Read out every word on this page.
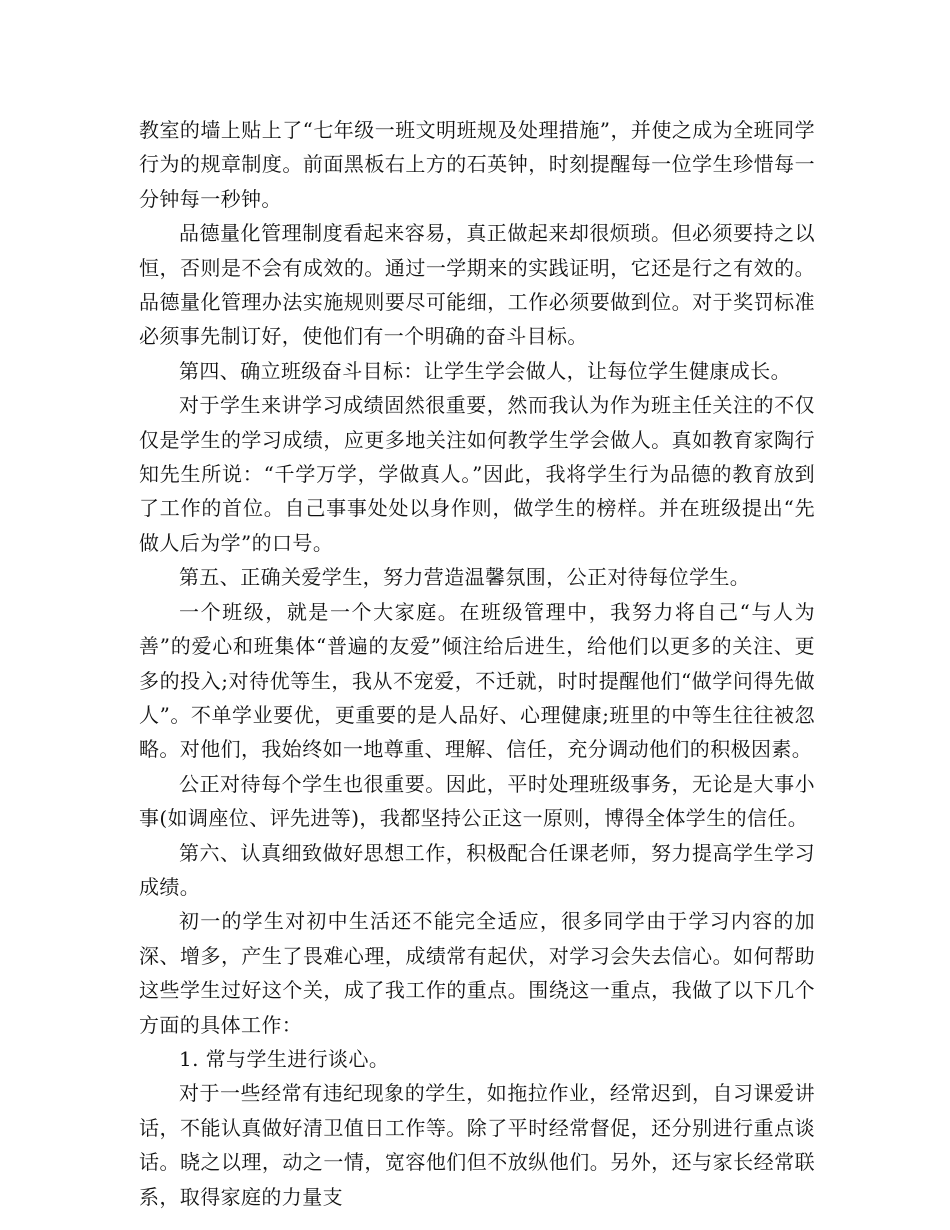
教室的墙上贴上了“七年级一班文明班规及处理措施”，并使之成为全班同学行为的规章制度。前面黑板右上方的石英钟，时刻提醒每一位学生珍惜每一分钟每一秒钟。

品德量化管理制度看起来容易，真正做起来却很烦琐。但必须要持之以恒，否则是不会有成效的。通过一学期来的实践证明，它还是行之有效的。品德量化管理办法实施规则要尽可能细，工作必须要做到位。对于奖罚标准必须事先制订好，使他们有一个明确的奋斗目标。

第四、确立班级奋斗目标：让学生学会做人，让每位学生健康成长。

对于学生来讲学习成绩固然很重要，然而我认为作为班主任关注的不仅仅是学生的学习成绩，应更多地关注如何教学生学会做人。真如教育家陶行知先生所说：“千学万学，学做真人。”因此，我将学生行为品德的教育放到了工作的首位。自己事事处处以身作则，做学生的榜样。并在班级提出“先做人后为学”的口号。

第五、正确关爱学生，努力营造温馨氛围，公正对待每位学生。

一个班级，就是一个大家庭。在班级管理中，我努力将自己“与人为善”的爱心和班集体“普遍的友爱”倾注给后进生，给他们以更多的关注、更多的投入;对待优等生，我从不宠爱，不迁就，时时提醒他们“做学问得先做人”。不单学业要优，更重要的是人品好、心理健康;班里的中等生往往被忽略。对他们，我始终如一地尊重、理解、信任，充分调动他们的积极因素。

公正对待每个学生也很重要。因此，平时处理班级事务，无论是大事小事(如调座位、评先进等)，我都坚持公正这一原则，博得全体学生的信任。

第六、认真细致做好思想工作，积极配合任课老师，努力提高学生学习成绩。

初一的学生对初中生活还不能完全适应，很多同学由于学习内容的加深、增多，产生了畏难心理，成绩常有起伏，对学习会失去信心。如何帮助这些学生过好这个关，成了我工作的重点。围绕这一重点，我做了以下几个方面的具体工作：

1. 常与学生进行谈心。

对于一些经常有违纪现象的学生，如拖拉作业，经常迟到，自习课爱讲话，不能认真做好清卫值日工作等。除了平时经常督促，还分别进行重点谈话。晓之以理，动之一情，宽容他们但不放纵他们。另外，还与家长经常联系，取得家庭的力量支
